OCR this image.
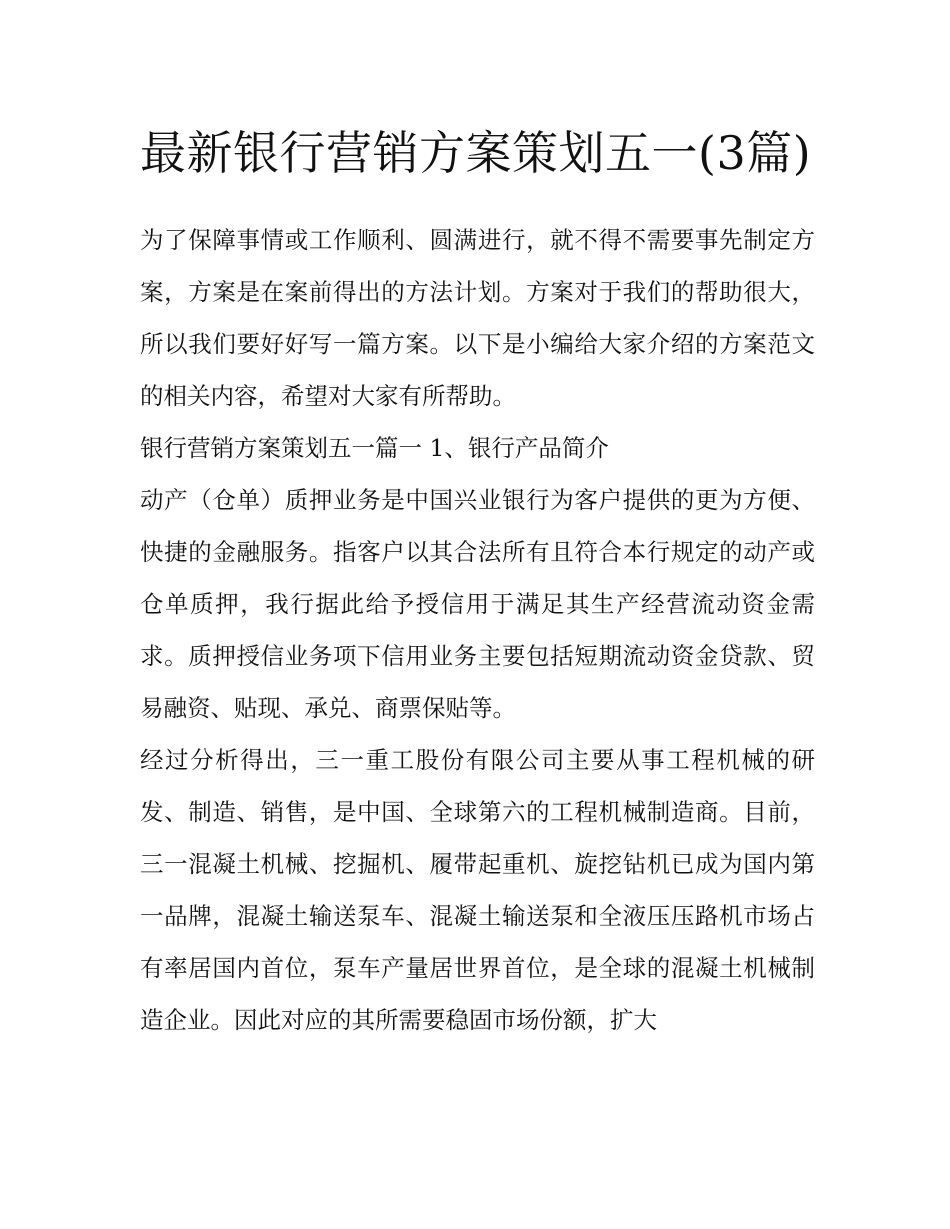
最新银行营销方案策划五一(3篇)

为了保障事情或工作顺利、圆满进行，就不得不需要事先制定方案，方案是在案前得出的方法计划。方案对于我们的帮助很大，所以我们要好好写一篇方案。以下是小编给大家介绍的方案范文的相关内容，希望对大家有所帮助。

银行营销方案策划五一篇一 1、银行产品简介

动产（仓单）质押业务是中国兴业银行为客户提供的更为方便、快捷的金融服务。指客户以其合法所有且符合本行规定的动产或仓单质押，我行据此给予授信用于满足其生产经营流动资金需求。质押授信业务项下信用业务主要包括短期流动资金贷款、贸易融资、贴现、承兑、商票保贴等。

经过分析得出，三一重工股份有限公司主要从事工程机械的研发、制造、销售，是中国、全球第六的工程机械制造商。目前，三一混凝土机械、挖掘机、履带起重机、旋挖钻机已成为国内第一品牌，混凝土输送泵车、混凝土输送泵和全液压压路机市场占有率居国内首位，泵车产量居世界首位，是全球的混凝土机械制造企业。因此对应的其所需要稳固市场份额，扩大
